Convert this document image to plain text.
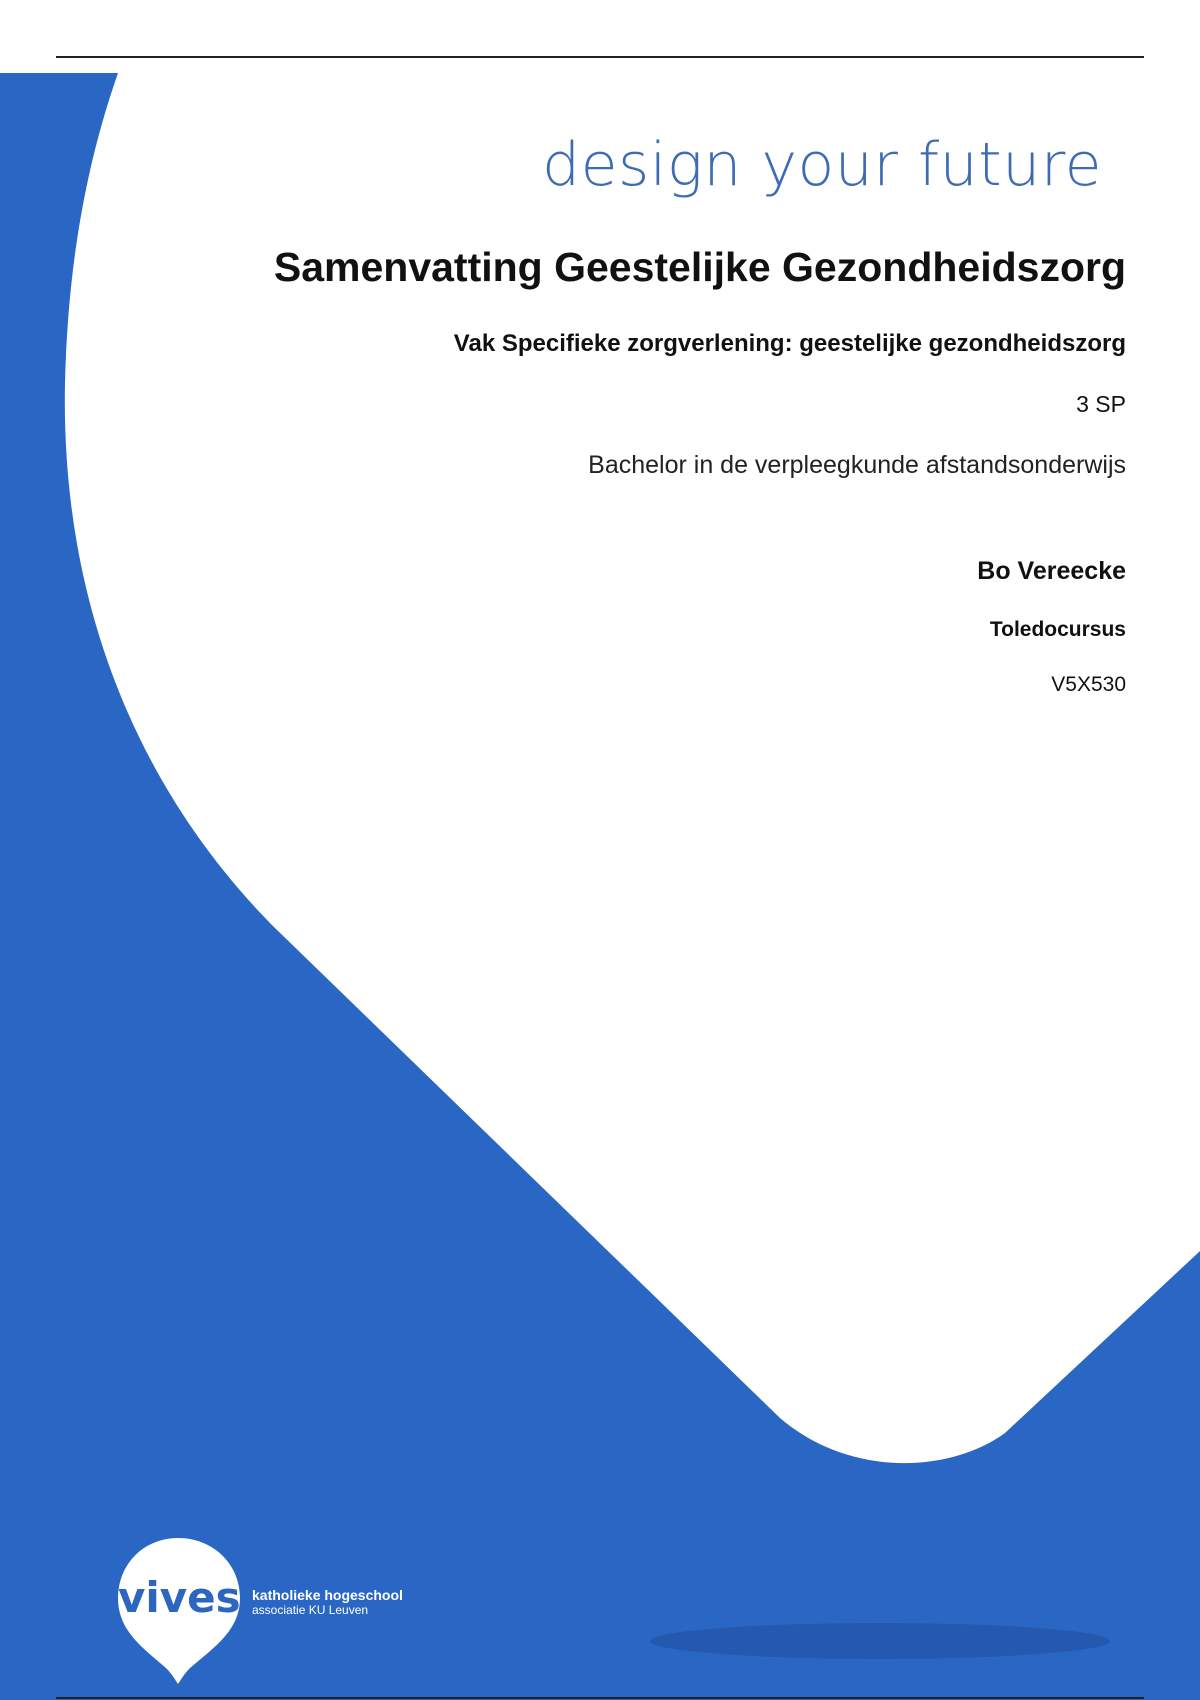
design your future
Samenvatting Geestelijke Gezondheidszorg
Vak Specifieke zorgverlening: geestelijke gezondheidszorg
3 SP
Bachelor in de verpleegkunde afstandsonderwijs
Bo Vereecke
Toledocursus
V5X530
vives katholieke hogeschool
associatie KU Leuven
